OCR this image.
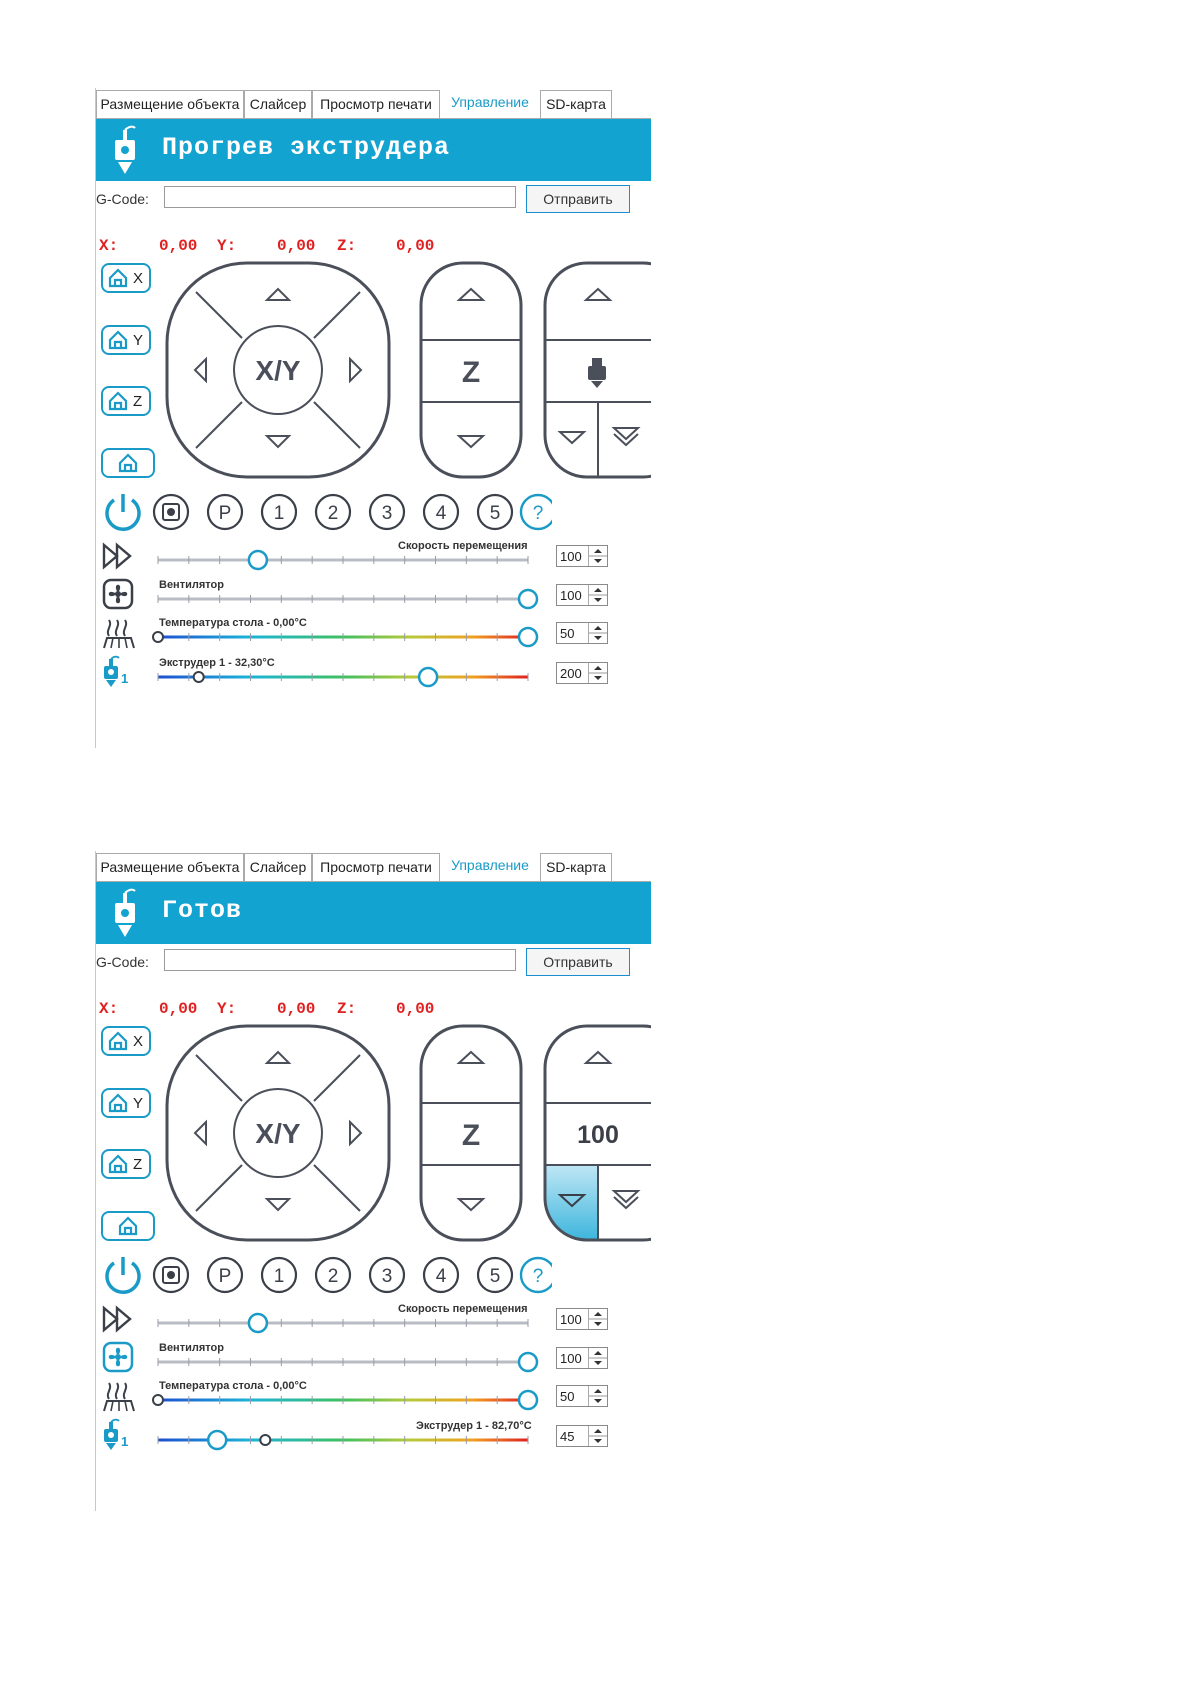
Размещение объекта Слайсер Просмотр печати	Управление	SD-карта
Прогрев экструдера
G-Code:	Отправить
X:	0,00 Y:	0,00 Z: 0,00
X
Y
Z
X/Y	Z
P 1 2 3 4 5 ?
1
Скорость перемещения
100
Вентилятор
100
Температура стола - 0,00°C
50
Экструдер 1 - 32,30°C
200
Размещение объекта Слайсер Просмотр печати	Управление	SD-карта
Готов
G-Code:	Отправить
X:	0,00 Y:	0,00 Z: 0,00
X
Y
Z
X/Y	Z	100
P 1 2 3 4 5 ?
1
Скорость перемещения
100
Вентилятор
100
Температура стола - 0,00°C
50
Экструдер 1 - 82,70°C
45
